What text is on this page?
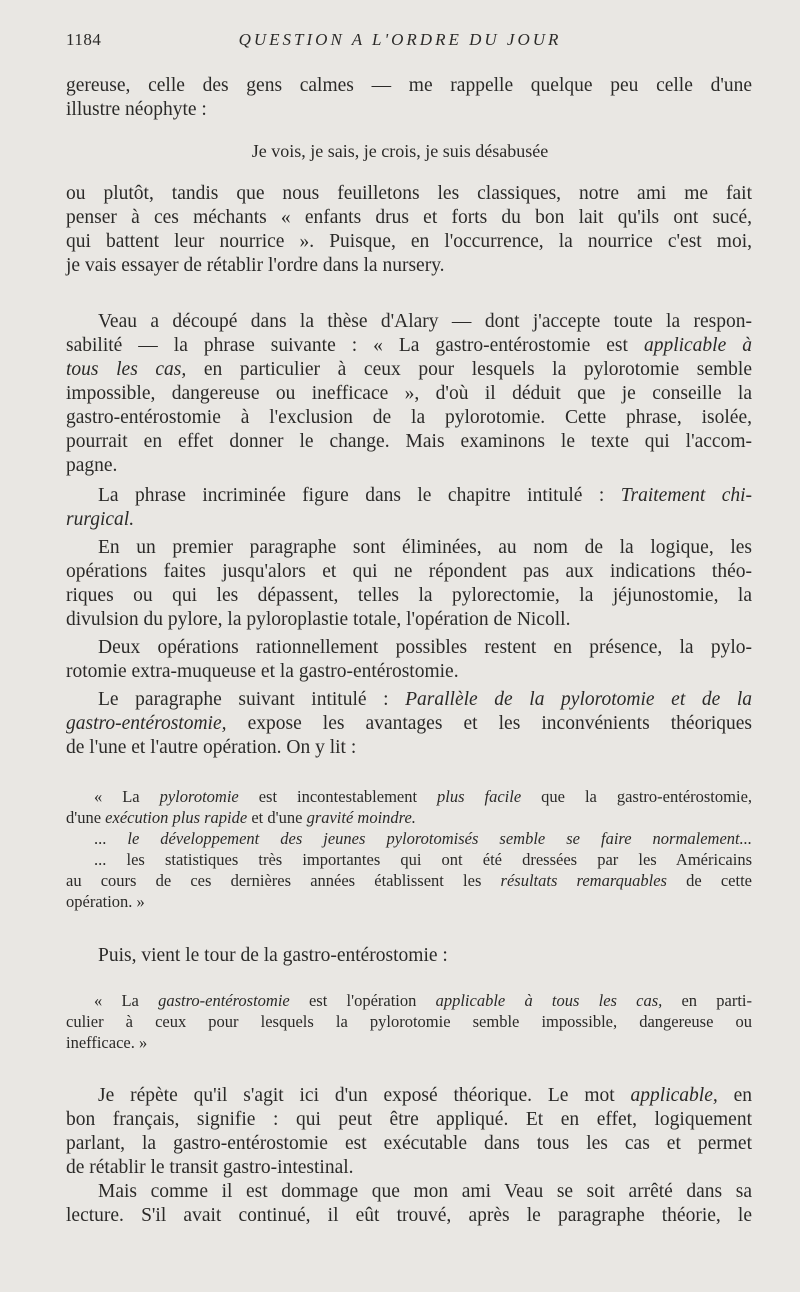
1184	QUESTION A L'ORDRE DU JOUR
Je vois, je sais, je crois, je suis désabusée
gereuse, celle des gens calmes — me rappelle quelque peu celle d'une
illustre néophyte :
ou plutôt, tandis que nous feuilletons les classiques, notre ami me fait
penser à ces méchants « enfants drus et forts du bon lait qu'ils ont sucé,
qui battent leur nourrice ». Puisque, en l'occurrence, la nourrice c'est moi,
je vais essayer de rétablir l'ordre dans la nursery.
Veau a découpé dans la thèse d'Alary — dont j'accepte toute la respon-
sabilité — la phrase suivante : « La gastro-entérostomie est applicable à
tous les cas, en particulier à ceux pour lesquels la pylorotomie semble
impossible, dangereuse ou inefficace », d'où il déduit que je conseille la
gastro-entérostomie à l'exclusion de la pylorotomie. Cette phrase, isolée,
pourrait en effet donner le change. Mais examinons le texte qui l'accom-
pagne.
La phrase incriminée figure dans le chapitre intitulé : Traitement chi-
rurgical.
En un premier paragraphe sont éliminées, au nom de la logique, les
opérations faites jusqu'alors et qui ne répondent pas aux indications théo-
riques ou qui les dépassent, telles la pylorectomie, la jéjunostomie, la
divulsion du pylore, la pyloroplastie totale, l'opération de Nicoll.
Deux opérations rationnellement possibles restent en présence, la pylo-
rotomie extra-muqueuse et la gastro-entérostomie.
Le paragraphe suivant intitulé : Parallèle de la pylorotomie et de la
gastro-entérostomie, expose les avantages et les inconvénients théoriques
de l'une et l'autre opération. On y lit :
« La pylorotomie est incontestablement plus facile que la gastro-entérostomie,
d'une exécution plus rapide et d'une gravité moindre.
... le développement des jeunes pylorotomisés semble se faire normalement...
... les statistiques très importantes qui ont été dressées par les Américains
au cours de ces dernières années établissent les résultats remarquables de cette
opération. »
Puis, vient le tour de la gastro-entérostomie :
« La gastro-entérostomie est l'opération applicable à tous les cas, en parti-
culier à ceux pour lesquels la pylorotomie semble impossible, dangereuse ou
inefficace. »
Je répète qu'il s'agit ici d'un exposé théorique. Le mot applicable, en
bon français, signifie : qui peut être appliqué. Et en effet, logiquement
parlant, la gastro-entérostomie est exécutable dans tous les cas et permet
de rétablir le transit gastro-intestinal.
Mais comme il est dommage que mon ami Veau se soit arrêté dans sa
lecture. S'il avait continué, il eût trouvé, après le paragraphe théorie, le
